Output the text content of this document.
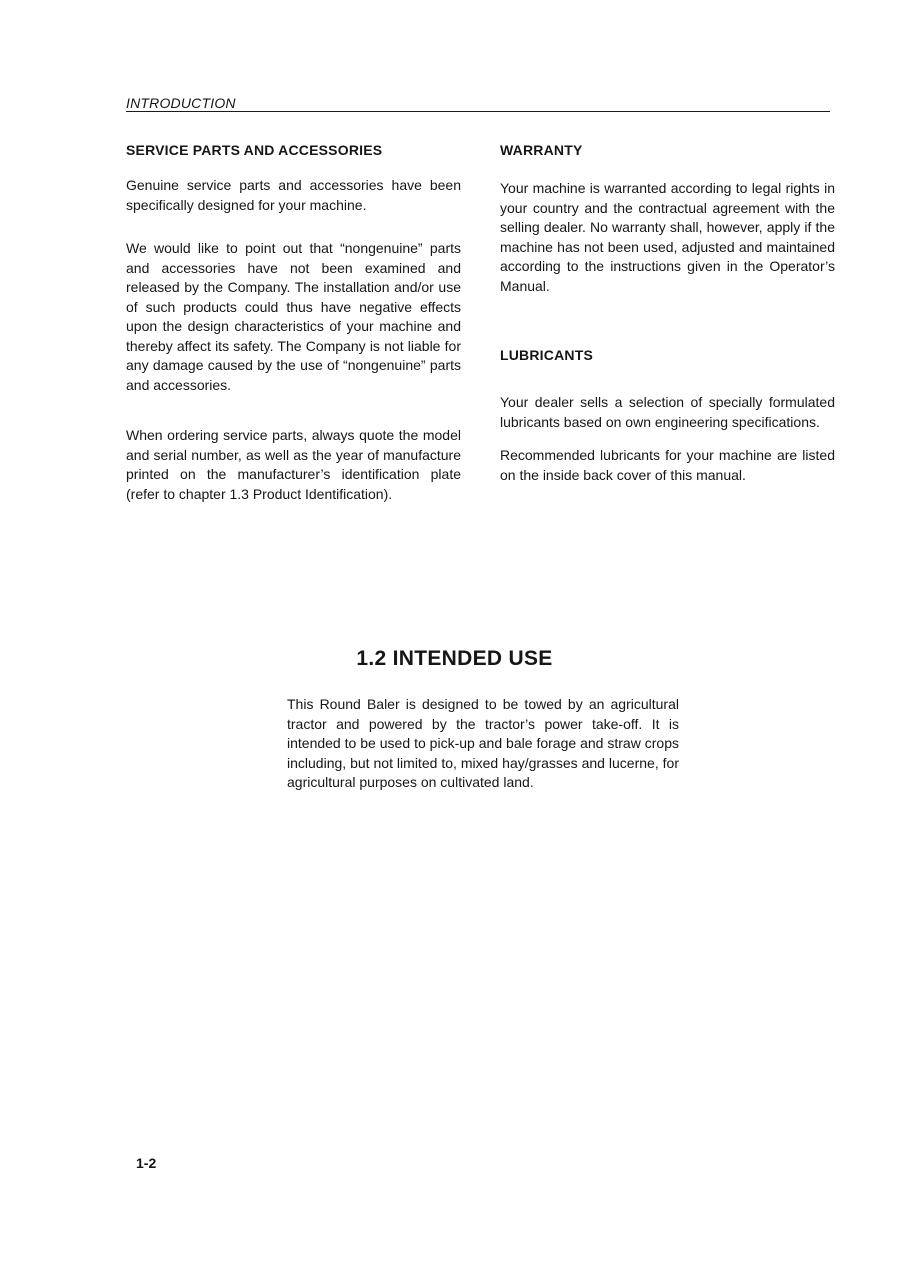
INTRODUCTION
SERVICE PARTS AND ACCESSORIES

Genuine service parts and accessories have been specifically designed for your machine.

We would like to point out that “nongenuine” parts and accessories have not been examined and released by the Company. The installation and/or use of such products could thus have negative effects upon the design characteristics of your machine and thereby affect its safety. The Company is not liable for any damage caused by the use of “nongenuine” parts and accessories.

When ordering service parts, always quote the model and serial number, as well as the year of manufacture printed on the manufacturer’s identification plate (refer to chapter 1.3 Product Identification).

WARRANTY

Your machine is warranted according to legal rights in your country and the contractual agreement with the selling dealer. No warranty shall, however, apply if the machine has not been used, adjusted and maintained according to the instructions given in the Operator’s Manual.

LUBRICANTS

Your dealer sells a selection of specially formulated lubricants based on own engineering specifications.

Recommended lubricants for your machine are listed on the inside back cover of this manual.

1.2 INTENDED USE

This Round Baler is designed to be towed by an agricultural tractor and powered by the tractor’s power take-off. It is intended to be used to pick-up and bale forage and straw crops including, but not limited to, mixed hay/grasses and lucerne, for agricultural purposes on cultivated land.

1-2
